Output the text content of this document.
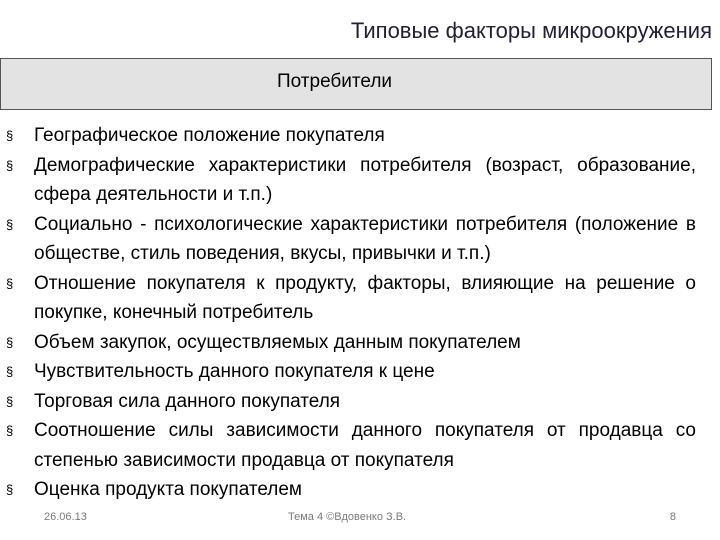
Типовые факторы микроокружения
Потребители
§	Географическое положение покупателя
§	Демографические характеристики потребителя (возраст, образование, сфера деятельности и т.п.)
§	Социально - психологические характеристики потребителя (положение в обществе, стиль поведения, вкусы, привычки и т.п.)
§	Отношение покупателя к продукту, факторы, влияющие на решение о покупке, конечный потребитель
§	Объем закупок, осуществляемых данным покупателем
§	Чувствительность данного покупателя к цене
§	Торговая сила данного покупателя
§	Соотношение силы зависимости данного покупателя от продавца со степенью зависимости продавца от покупателя
§	Оценка продукта покупателем
26.06.13	Тема 4 ©Вдовенко З.В.	8
